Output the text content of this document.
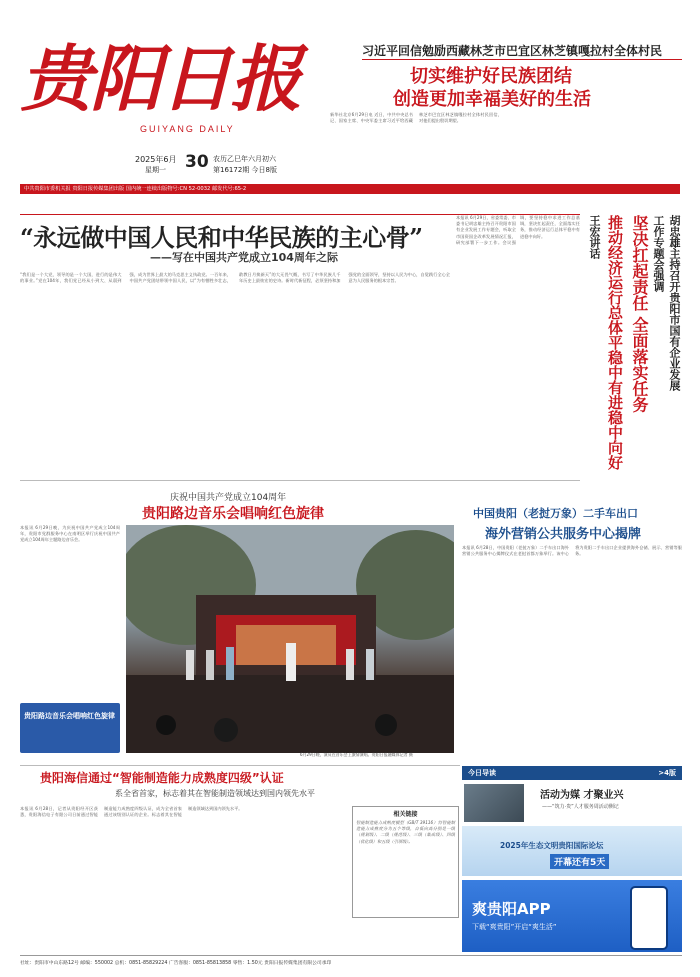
贵阳日报
GUIYANG DAILY
2025年6月
星期一 30 农历乙巳年六月初六
第16172期 今日8版
中共贵阳市委机关报 贵阳日报传媒集团出版 国内统一连续出版物号:CN 52-0032 邮发代号:65-2
习近平回信勉励西藏林芝市巴宜区林芝镇嘎拉村全体村民
切实维护好民族团结
创造更加幸福美好的生活
新华社北京6月29日电 近日，中共中央总书记、国家主席、中央军委主席习近平给西藏林芝市巴宜区林芝镇嘎拉村全体村民回信，对他们提出殷切期望。
“永远做中国人民和中华民族的主心骨”
——写在中国共产党成立104周年之际
“我们是一个大党，领导的是一个大国，进行的是伟大的事业。”党在104年，我们党已经从小到大、从弱到强，成为世界上最大的马克思主义执政党。一百年来，中国共产党团结带领中国人民，以“为有牺牲多壮志，敢教日月换新天”的大无畏气概，书写了中华民族几千年历史上最恢宏的史诗。新时代新征程，必须坚持和加强党的全面领导，坚持以人民为中心，自觉践行全心全意为人民服务的根本宗旨。
本报讯 6月29日，省委常委、市委书记胡忠雄主持召开贵阳市国有企业发展工作专题会，听取全市国资国企改革发展情况汇报，研究部署下一步工作。会议强调，要坚持稳中求进工作总基调，坚决扛起责任，全面落实任务，推动经济运行总体平稳中有进稳中向好。	胡忠雄主持召开贵阳市国有企业发展
工作专题会强调
坚决扛起责任 全面落实任务
推动经济运行总体平稳中有进稳中向好
王宏讲话
庆祝中国共产党成立104周年
贵阳路边音乐会唱响红色旋律
本报讯 6月29日晚，为庆祝中国共产党成立104周年，贵阳市党群服务中心在南明区举行庆祝中国共产党成立104周年主题路边音乐会。
6月29日晚，演员在音乐会上激情演唱。贵阳日报融媒体记者 摄
贵阳路边音乐会唱响红色旋律
中国贵阳（老挝万象）二手车出口
海外营销公共服务中心揭牌
本报讯 6月28日，中国贵阳（老挝万象）二手车出口海外营销公共服务中心揭牌仪式在老挝首都万象举行。该中心将为贵阳二手车出口企业提供海外仓储、展示、营销等服务。
贵阳海信通过“智能制造能力成熟度四级”认证
系全省首家，标志着其在智能制造领域达到国内领先水平
本报讯 6月28日，记者从贵阳经开区获悉，贵阳海信电子有限公司日前通过智能制造能力成熟度四级认证，成为全省首家通过该级别认证的企业。标志着其在智能制造领域达到国内领先水平。
相关链接
智能制造能力成熟度模型（GB/T 39116）将智能制造能力成熟度分为五个等级，自低向高分别是一级（规划级）、二级（规范级）、三级（集成级）、四级（优化级）和五级（引领级）。
今日导读	>4版
活动为媒 才聚业兴
——“筑力·贵”人才服务周活动侧记
2025年生态文明贵阳国际论坛
开幕还有5天
爽贵阳APP
下载“爽贵阳”开启“爽生活”
社址：贵阳市中山东路12号 邮编：550002 总机：0851-85829224 广告客服：0851-85813858 零售：1.50元 贵阳日报传媒集团有限公司承印
